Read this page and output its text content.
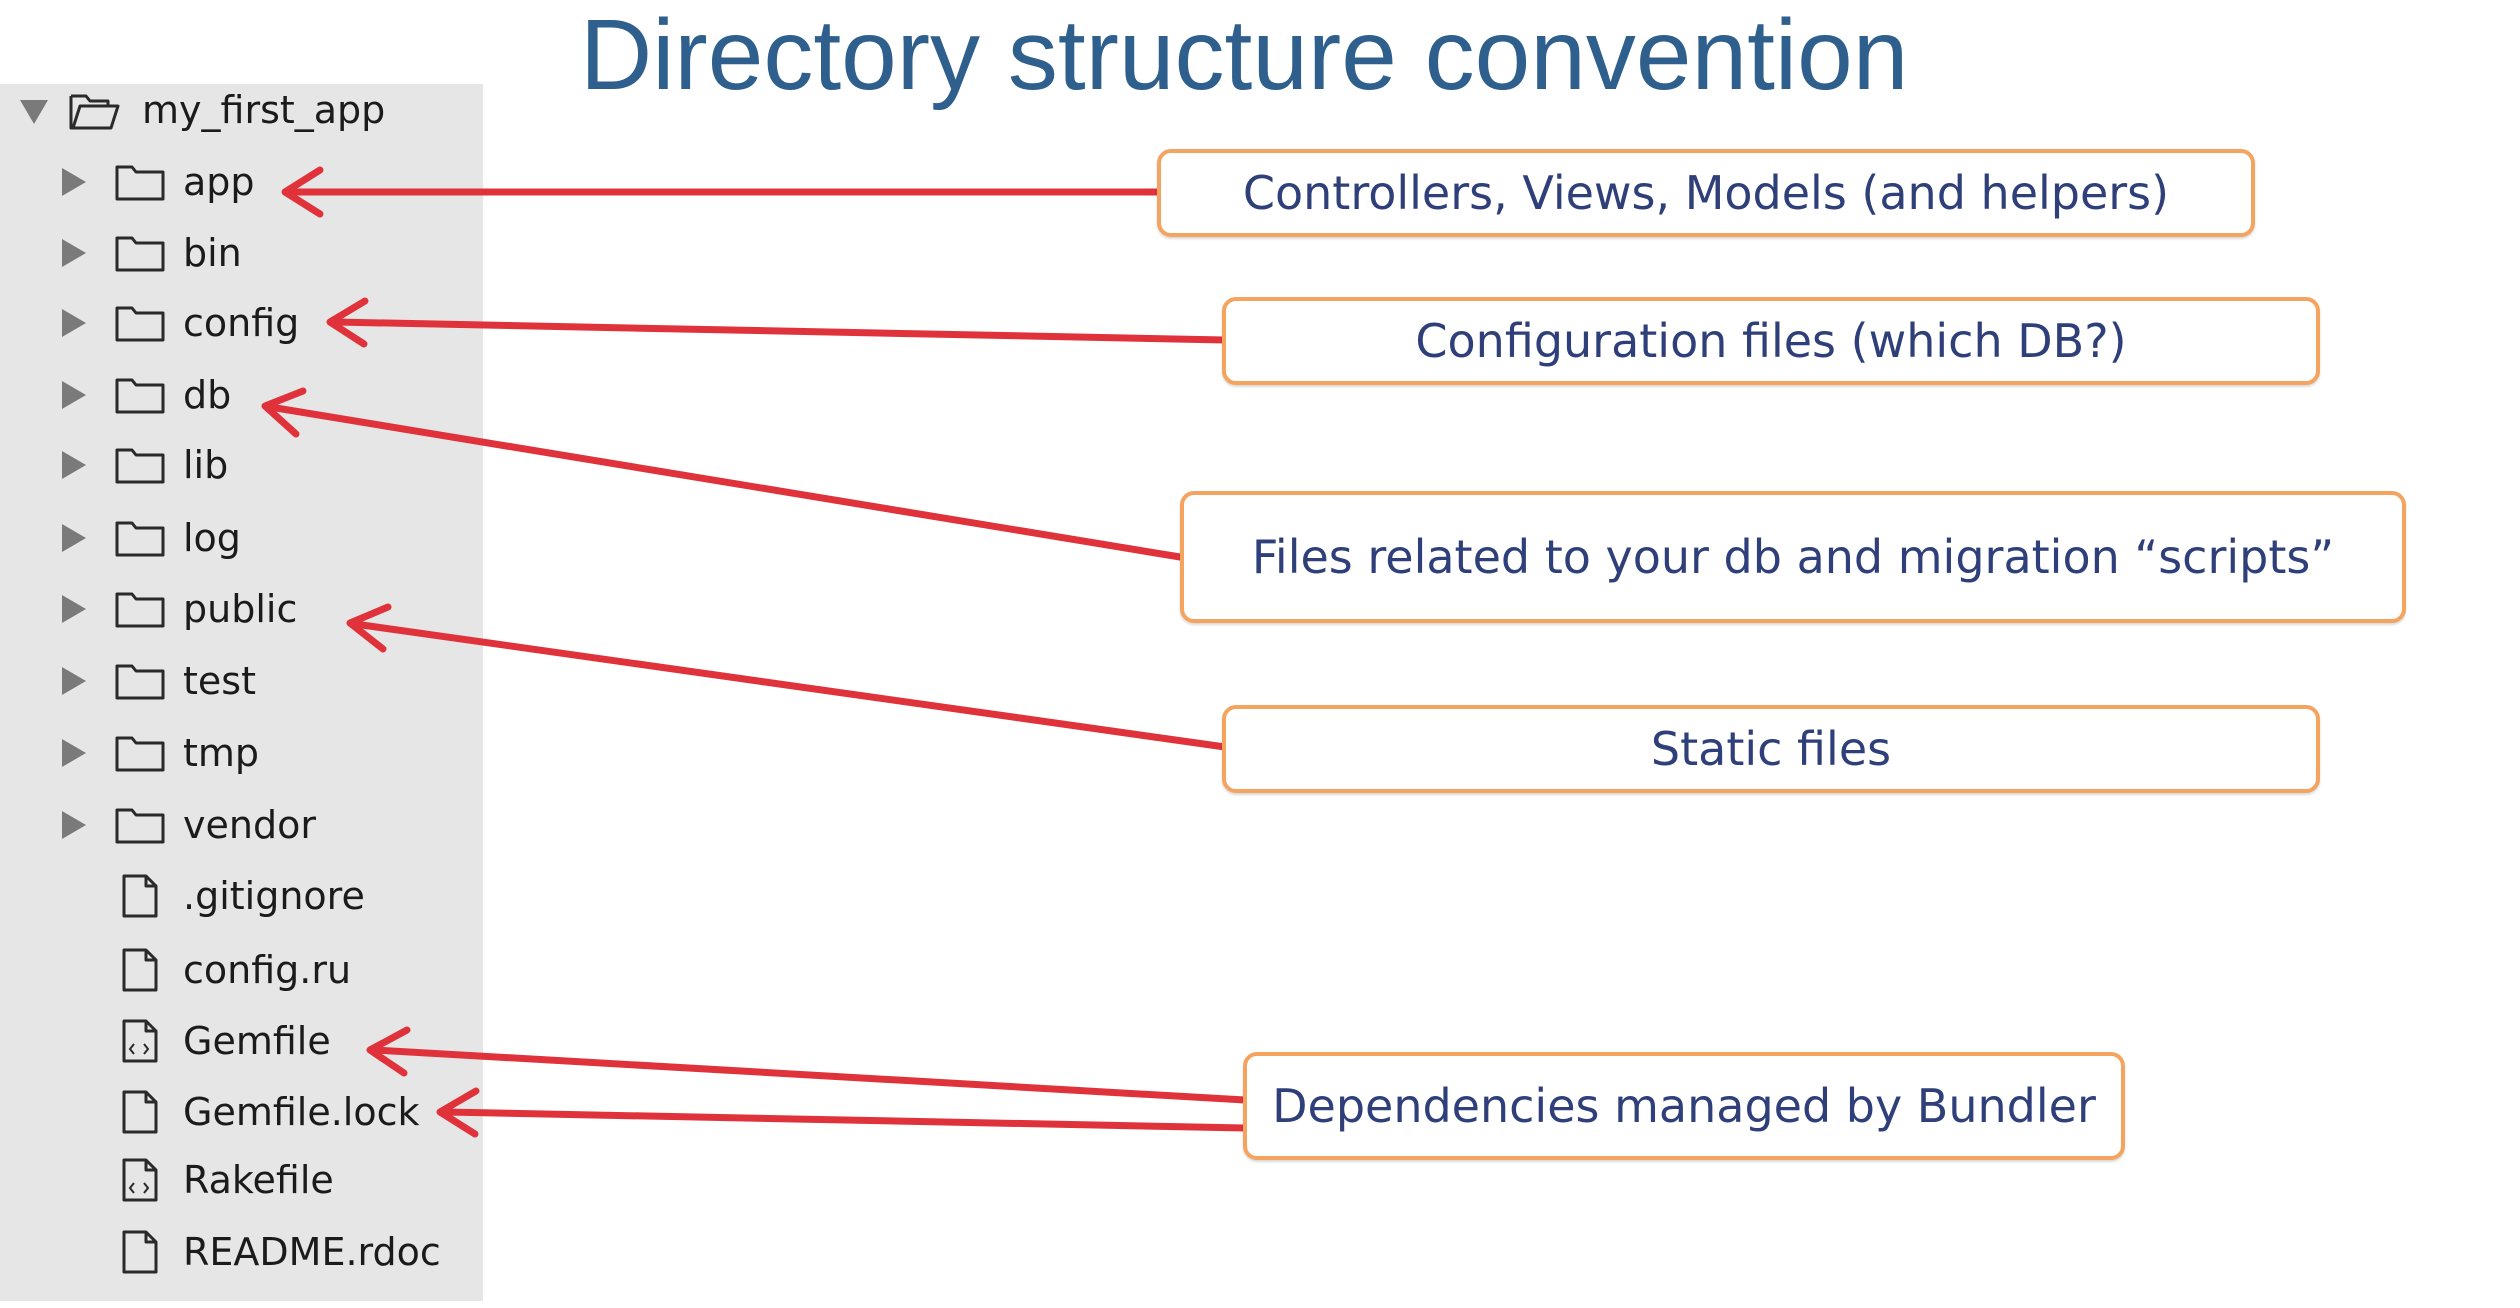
Directory structure convention
my_first_app
app
bin
config
db
lib
log
public
test
tmp
vendor
.gitignore
config.ru
Gemfile
Gemfile.lock
Rakefile
README.rdoc
Controllers, Views, Models (and helpers)
Configuration files (which DB?)
Files related to your db and migration “scripts”
Static files
Dependencies managed by Bundler
